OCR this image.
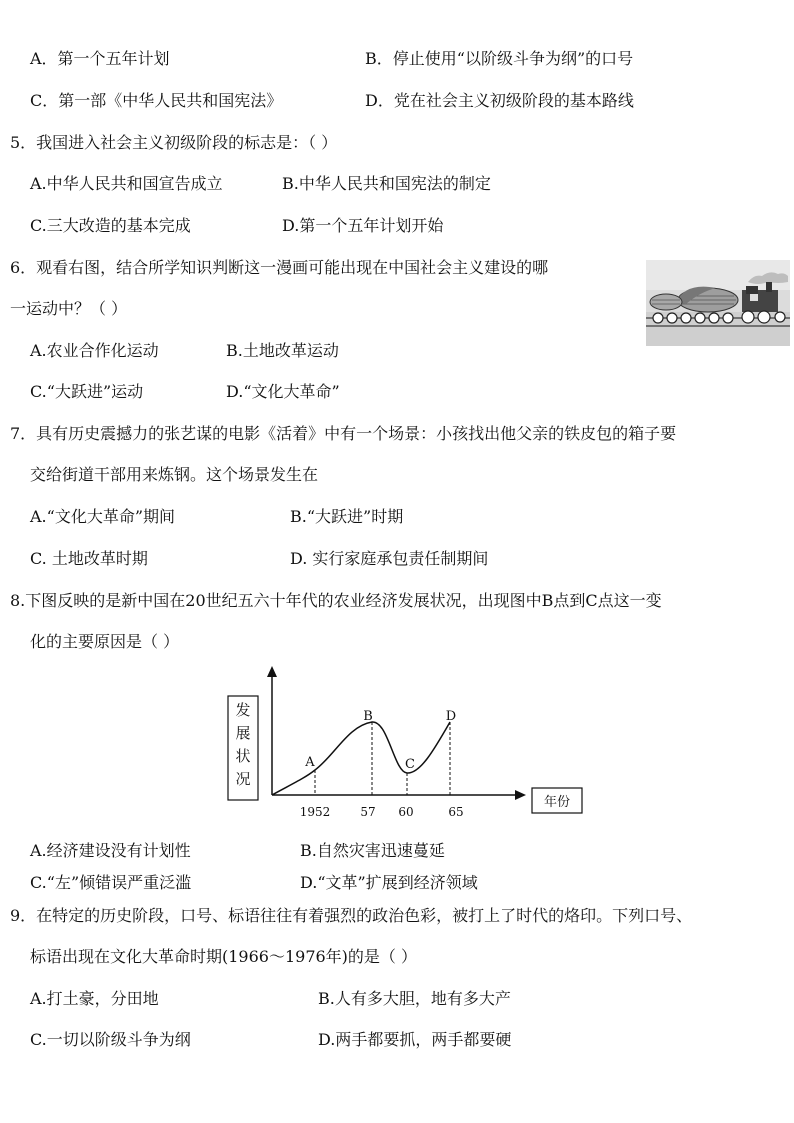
A．第一个五年计划	B．停止使用“以阶级斗争为纲”的口号
C．第一部《中华人民共和国宪法》	D．党在社会主义初级阶段的基本路线
5．我国进入社会主义初级阶段的标志是：（ ）
A.中华人民共和国宣告成立	B.中华人民共和国宪法的制定
C.三大改造的基本完成	D.第一个五年计划开始
6．观看右图，结合所学知识判断这一漫画可能出现在中国社会主义建设的哪
一运动中？（ ）
A.农业合作化运动	B.土地改革运动
C.“大跃进”运动	D.“文化大革命”
7．具有历史震撼力的张艺谋的电影《活着》中有一个场景：小孩找出他父亲的铁皮包的箱子要
交给街道干部用来炼钢。这个场景发生在
A.“文化大革命”期间	B.“大跃进”时期
C. 土地改革时期	D. 实行家庭承包责任制期间
8.下图反映的是新中国在20世纪五六十年代的农业经济发展状况，出现图中B点到C点这一变
化的主要原因是（ ）
发
展
状
况
年份
A
B
C
D
1952	57 60	65
A.经济建设没有计划性	B.自然灾害迅速蔓延
C.“左”倾错误严重泛滥	D.“文革”扩展到经济领域
9．在特定的历史阶段，口号、标语往往有着强烈的政治色彩，被打上了时代的烙印。下列口号、
标语出现在文化大革命时期(1966～1976年)的是（ ）
A.打土豪，分田地	B.人有多大胆，地有多大产
C.一切以阶级斗争为纲	D.两手都要抓，两手都要硬
